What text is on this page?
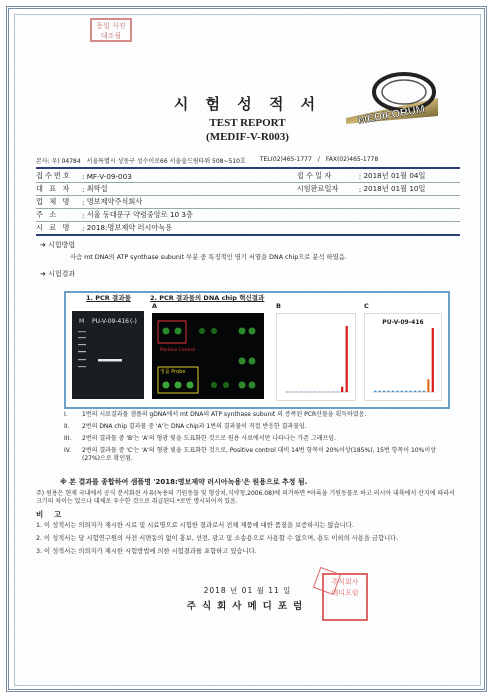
동일 사진
대조필
시 험 성 적 서
TEST REPORT
(MEDIF-V-R003)
MEDIFORUM
본사: 우) 04784 서울특별시 성동구 성수이로66 서울숲드림타워 508~510호 TEL(02)465-1777 / FAX(02)465-1778
접수번호	: MF-V-09-003	접 수 일 자	: 2018년 01월 04일
대 표 자	: 최학섭	시험완료일자	: 2018년 01월 10일
업 체 명	: 명보제약주식회사
주 소	: 서울 동대문구 약령중앙로 10 3층
시 료 명	: 2018:명보제약 러시아녹용
➔ 시험방법
사슴 mt DNA의 ATP synthase subunit 부분 중 특징적인 염기 서열을 DNA chip으로 분석 하였음.
➔ 시험결과
1. PCR 결과물	2. PCR 결과물의 DNA chip 혁신결과
A	B	C
M PU-V-09-416 (-)
Positive Control
정품 Probe
PU-V-09-416
I.	1번의 시료결과물 샘플의 gDNA에서 mt DNA의 ATP synthase subunit 의 증폭된 PCR산물을 획득하였음.
II.	2번의 DNA chip 결과물 중 'A'는 DNA chip과 1번의 결과물이 직접 반응한 결과물임.
III.	2번의 결과물 중 'B'는 'A'의 형광 빛을 도표화한 것으로 원용 사료에서만 나타나는 가존 그래프임.
IV.	2번의 결과물 중 'C'는 'A'의 형광 빛을 도표화한 것으로, Positive control 대비 14번 항목이 20%이상(185%), 15번 항목이 10%이상(27%)으로 확인됨.
※ 본 결과를 종합하여 샘플명 '2018:명보제약 러시아녹용'은 원용으로 추정 됨.
주) 원용은 현재 국내에서 공식 문서화된 사유(녹용의 기원동물 및 형상치,식약청,2006.08)에 의거하면 *마록을 기원동물로 하고 러시아 내륙에서 산지에 따라서 크기의 차이는 있으나 대체로 우수한 것으로 취급된다.*로만 명시되어져 있음.
비 고
1. 이 성적서는 의뢰자가 제시한 시료 및 시료명으로 시험한 결과로서 전체 제품에 대한 품질을 보증하지는 않습니다.
2. 이 성적서는 당 시험연구원의 사전 서면동의 없이 홍보, 선전, 광고 및 소송용으로 사용할 수 없으며, 용도 이외의 사용을 금합니다.
3. 이 성적서는 의뢰자가 제시한 시험방법에 의한 시험결과를 포함하고 있습니다.
2018 년 01 월 11 일
주식회사메디포럼
주식회사
메디포럼
